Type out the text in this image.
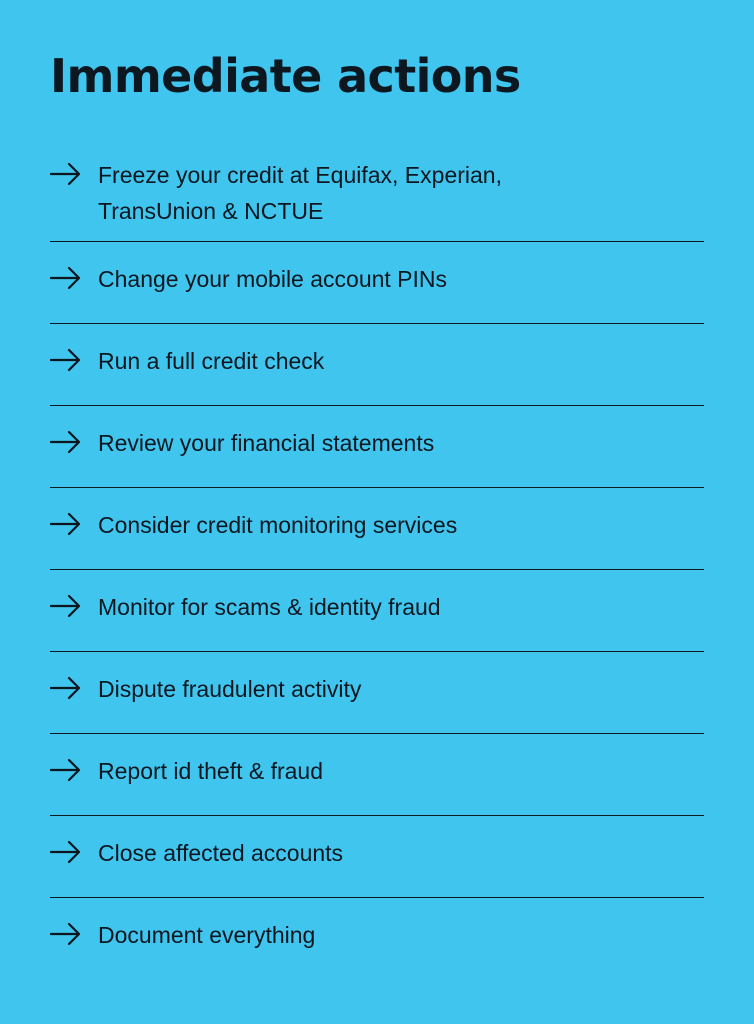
Immediate actions
Freeze your credit at Equifax, Experian, TransUnion & NCTUE
Change your mobile account PINs
Run a full credit check
Review your financial statements
Consider credit monitoring services
Monitor for scams & identity fraud
Dispute fraudulent activity
Report id theft & fraud
Close affected accounts
Document everything
